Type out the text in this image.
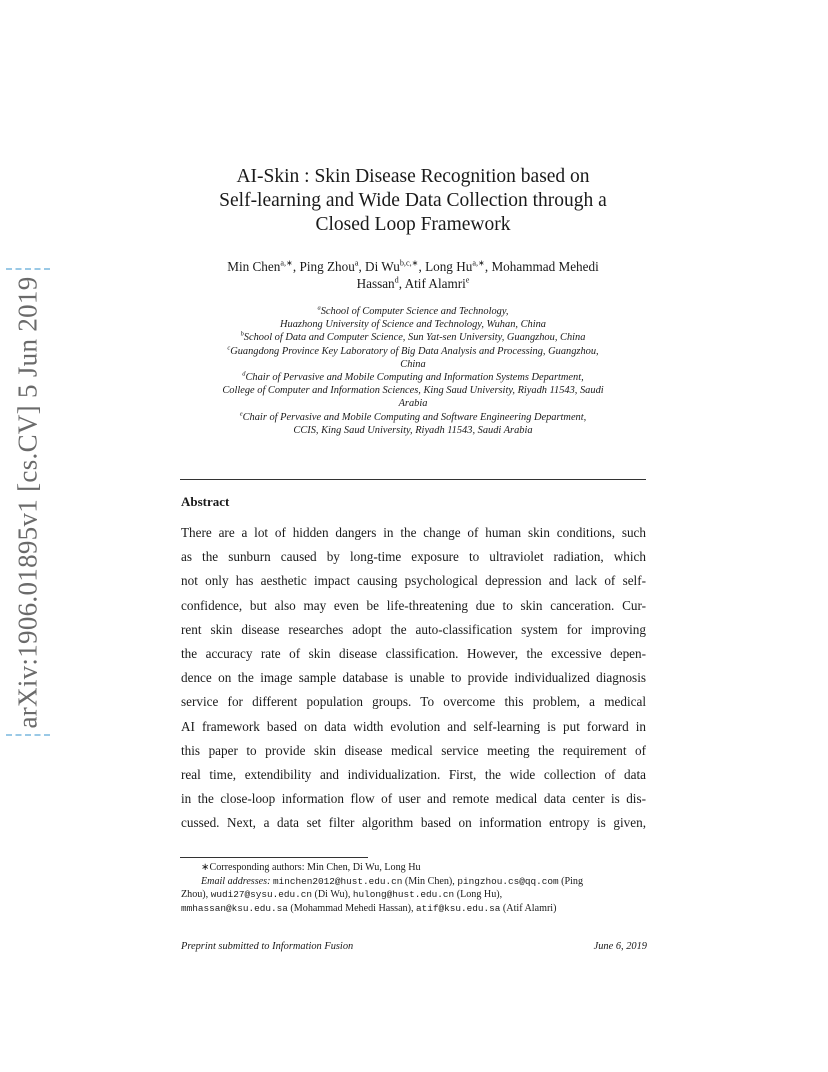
arXiv:1906.01895v1 [cs.CV] 5 Jun 2019
AI-Skin : Skin Disease Recognition based on
Self-learning and Wide Data Collection through a
Closed Loop Framework
Min Chen$^{a,∗}$, Ping Zhou$^a$, Di $Wu^{b,c,∗}$, Long $Hu^{a,∗}$, Mohammad Mehedi
Hassan$^d$, Atif Alamri$^e$
$^a$School of Computer Science and Technology,
Huazhong University of Science and Technology, Wuhan, China
$^b$School of Data and Computer Science, Sun Yat-sen University, Guangzhou, China
$^c$Guangdong Province Key Laboratory of Big Data Analysis and Processing, Guangzhou,
China
$^d$Chair of Pervasive and Mobile Computing and Information Systems Department,
College of Computer and Information Sciences, King Saud University, Riyadh 11543, Saudi
Arabia
$^e$Chair of Pervasive and Mobile Computing and Software Engineering Department,
CCIS, King Saud University, Riyadh 11543, Saudi Arabia
Abstract
There are a lot of hidden dangers in the change of human skin conditions, such
as the sunburn caused by long-time exposure to ultraviolet radiation, which
not only has aesthetic impact causing psychological depression and lack of self-
confidence, but also may even be life-threatening due to skin canceration. Cur-
rent skin disease researches adopt the auto-classification system for improving
the accuracy rate of skin disease classification. However, the excessive depen-
dence on the image sample database is unable to provide individualized diagnosis
service for different population groups. To overcome this problem, a medical
AI framework based on data width evolution and self-learning is put forward in
this paper to provide skin disease medical service meeting the requirement of
real time, extendibility and individualization. First, the wide collection of data
in the close-loop information flow of user and remote medical data center is dis-
cussed. Next, a data set filter algorithm based on information entropy is given,
∗Corresponding authors: Min Chen, Di Wu, Long Hu
Email addresses: minchen2012@hust.edu.cn (Min Chen), pingzhou.cs@qq.com (Ping
Zhou), wudi27@sysu.edu.cn (Di Wu), hulong@hust.edu.cn (Long Hu),
mmhassan@ksu.edu.sa (Mohammad Mehedi Hassan), atif@ksu.edu.sa (Atif Alamri)
Preprint submitted to Information Fusion	June 6, 2019
